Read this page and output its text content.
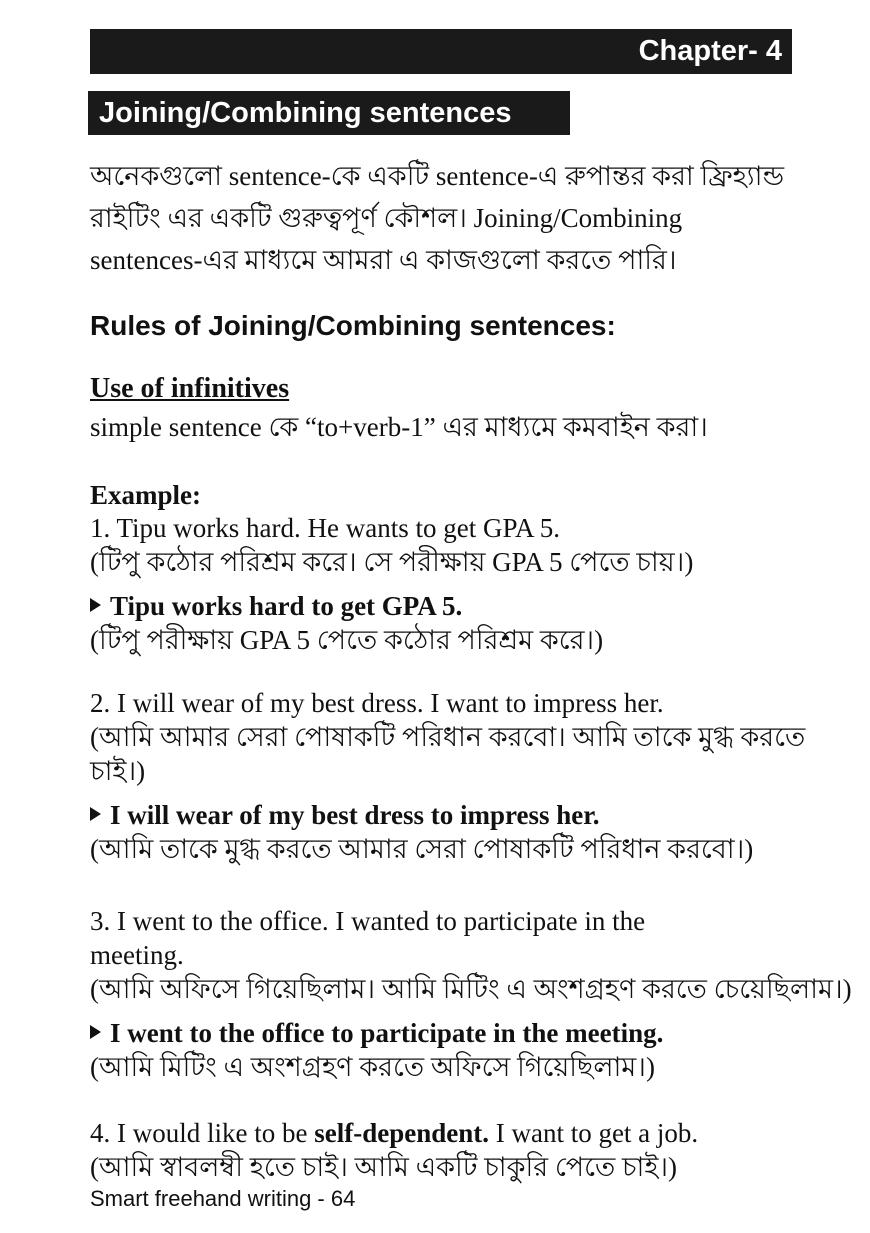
Chapter- 4
Joining/Combining sentences
অনেকগুলো sentence-কে একটি sentence-এ রুপান্তর করা ফ্রিহ্যান্ড
রাইটিং এর একটি গুরুত্বপূর্ণ কৌশল। Joining/Combining
sentences-এর মাধ্যমে আমরা এ কাজগুলো করতে পারি।
Rules of Joining/Combining sentences:
Use of infinitives
simple sentence কে “to+verb-1” এর মাধ্যমে কমবাইন করা।
Example:
1. Tipu works hard. He wants to get GPA 5.
(টিপু কঠোর পরিশ্রম করে। সে পরীক্ষায় GPA 5 পেতে চায়।)
Tipu works hard to get GPA 5.
(টিপু পরীক্ষায় GPA 5 পেতে কঠোর পরিশ্রম করে।)
2. I will wear of my best dress. I want to impress her.
(আমি আমার সেরা পোষাকটি পরিধান করবো। আমি তাকে মুগ্ধ করতে
চাই।)
I will wear of my best dress to impress her.
(আমি তাকে মুগ্ধ করতে আমার সেরা পোষাকটি পরিধান করবো।)
3. I went to the office. I wanted to participate in the
meeting.
(আমি অফিসে গিয়েছিলাম। আমি মিটিং এ অংশগ্রহণ করতে চেয়েছিলাম।)
I went to the office to participate in the meeting.
(আমি মিটিং এ অংশগ্রহণ করতে অফিসে গিয়েছিলাম।)
4. I would like to be self-dependent. I want to get a job.
(আমি স্বাবলম্বী হতে চাই। আমি একটি চাকুরি পেতে চাই।)
Smart freehand writing - 64
